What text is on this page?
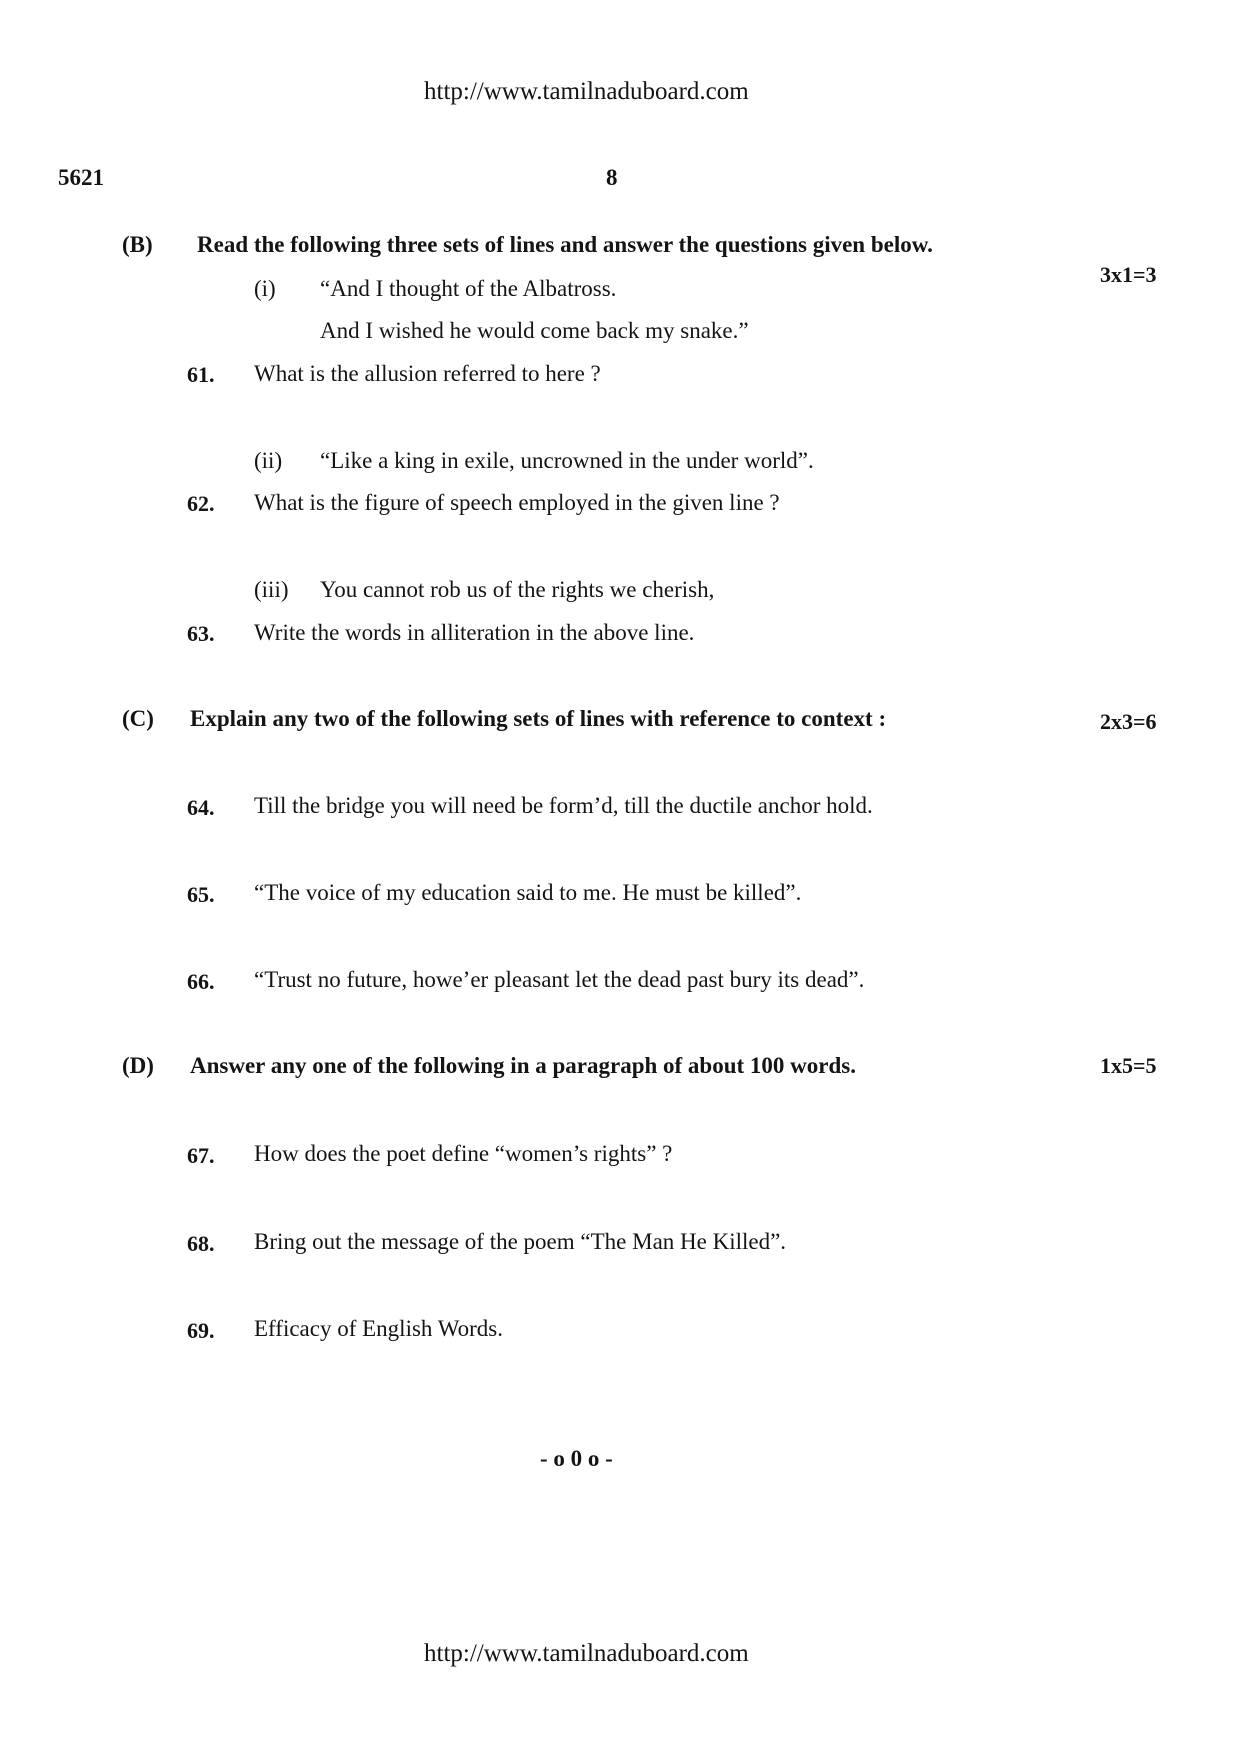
http://www.tamilnaduboard.com
5621	8
(B) Read the following three sets of lines and answer the questions given below.
3x1=3
(i) “And I thought of the Albatross.
And I wished he would come back my snake.”
61. What is the allusion referred to here ?
(ii) “Like a king in exile, uncrowned in the under world”.
62. What is the figure of speech employed in the given line ?
(iii) You cannot rob us of the rights we cherish,
63. Write the words in alliteration in the above line.
(C) Explain any two of the following sets of lines with reference to context :	2x3=6
64. Till the bridge you will need be form’d, till the ductile anchor hold.
65. “The voice of my education said to me. He must be killed”.
66. “Trust no future, howe’er pleasant let the dead past bury its dead”.
(D) Answer any one of the following in a paragraph of about 100 words.	1x5=5
67. How does the poet define “women’s rights” ?
68. Bring out the message of the poem “The Man He Killed”.
69. Efficacy of English Words.
- o 0 o -
http://www.tamilnaduboard.com
